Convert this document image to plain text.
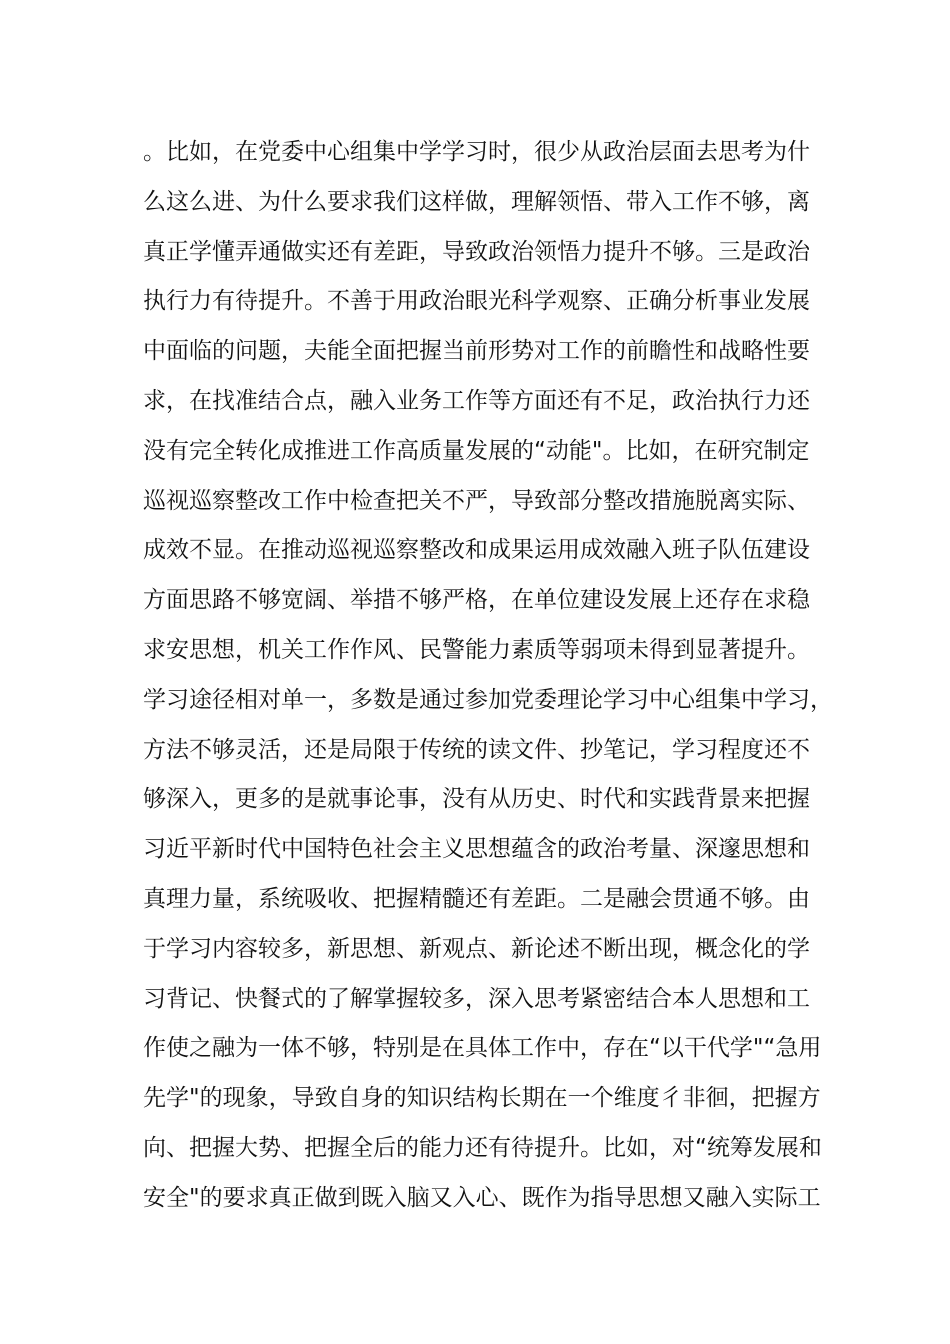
。比如，在党委中心组集中学学习时，很少从政治层面去思考为什
么这么进、为什么要求我们这样做，理解领悟、带入工作不够，离
真正学懂弄通做实还有差距，导致政治领悟力提升不够。三是政治
执行力有待提升。不善于用政治眼光科学观察、正确分析事业发展
中面临的问题，夫能全面把握当前形势对工作的前瞻性和战略性要
求，在找准结合点，融入业务工作等方面还有不足，政治执行力还
没有完全转化成推进工作高质量发展的“动能"。比如，在研究制定
巡视巡察整改工作中检查把关不严，导致部分整改措施脱离实际、
成效不显。在推动巡视巡察整改和成果运用成效融入班子队伍建设
方面思路不够宽阔、举措不够严格，在单位建设发展上还存在求稳
求安思想，机关工作作风、民警能力素质等弱项未得到显著提升。
学习途径相对单一，多数是通过参加党委理论学习中心组集中学习，
方法不够灵活，还是局限于传统的读文件、抄笔记，学习程度还不
够深入，更多的是就事论事，没有从历史、时代和实践背景来把握
习近平新时代中国特色社会主义思想蕴含的政治考量、深邃思想和
真理力量，系统吸收、把握精髓还有差距。二是融会贯通不够。由
于学习内容较多，新思想、新观点、新论述不断出现，概念化的学
习背记、快餐式的了解掌握较多，深入思考紧密结合本人思想和工
作使之融为一体不够，特别是在具体工作中，存在“以干代学"“急用
先学"的现象，导致自身的知识结构长期在一个维度彳非徊，把握方
向、把握大势、把握全后的能力还有待提升。比如，对“统筹发展和
安全"的要求真正做到既入脑又入心、既作为指导思想又融入实际工
